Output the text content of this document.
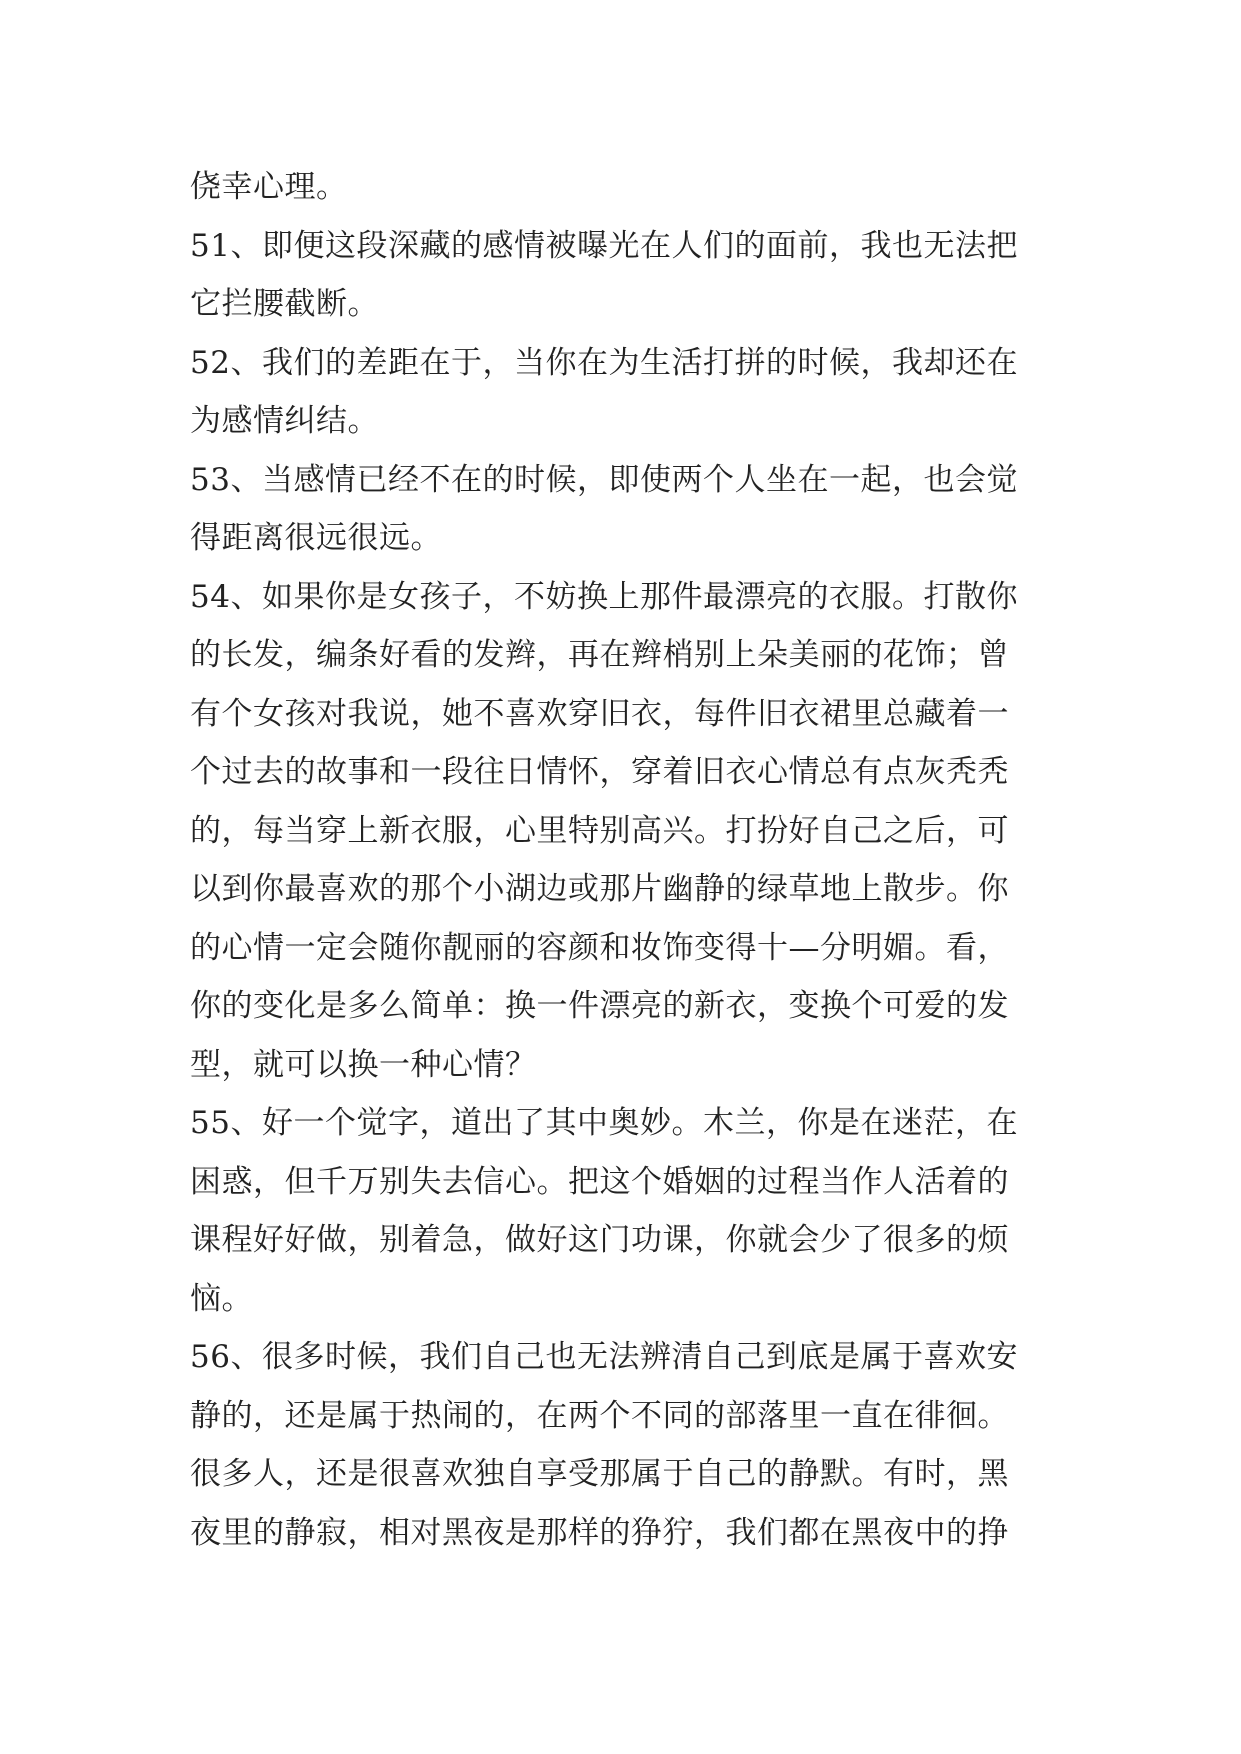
侥幸心理。
51、即便这段深藏的感情被曝光在人们的面前，我也无法把
它拦腰截断。
52、我们的差距在于，当你在为生活打拼的时候，我却还在
为感情纠结。
53、当感情已经不在的时候，即使两个人坐在一起，也会觉
得距离很远很远。
54、如果你是女孩子，不妨换上那件最漂亮的衣服。打散你
的长发，编条好看的发辫，再在辫梢别上朵美丽的花饰；曾
有个女孩对我说，她不喜欢穿旧衣，每件旧衣裙里总藏着一
个过去的故事和一段往日情怀，穿着旧衣心情总有点灰秃秃
的，每当穿上新衣服，心里特别高兴。打扮好自己之后，可
以到你最喜欢的那个小湖边或那片幽静的绿草地上散步。你
的心情一定会随你靓丽的容颜和妆饰变得十—分明媚。看，
你的变化是多么简单：换一件漂亮的新衣，变换个可爱的发
型，就可以换一种心情？
55、好一个觉字，道出了其中奥妙。木兰，你是在迷茫，在
困惑，但千万别失去信心。把这个婚姻的过程当作人活着的
课程好好做，别着急，做好这门功课，你就会少了很多的烦
恼。
56、很多时候，我们自己也无法辨清自己到底是属于喜欢安
静的，还是属于热闹的，在两个不同的部落里一直在徘徊。
很多人，还是很喜欢独自享受那属于自己的静默。有时，黑
夜里的静寂，相对黑夜是那样的狰狞，我们都在黑夜中的挣
